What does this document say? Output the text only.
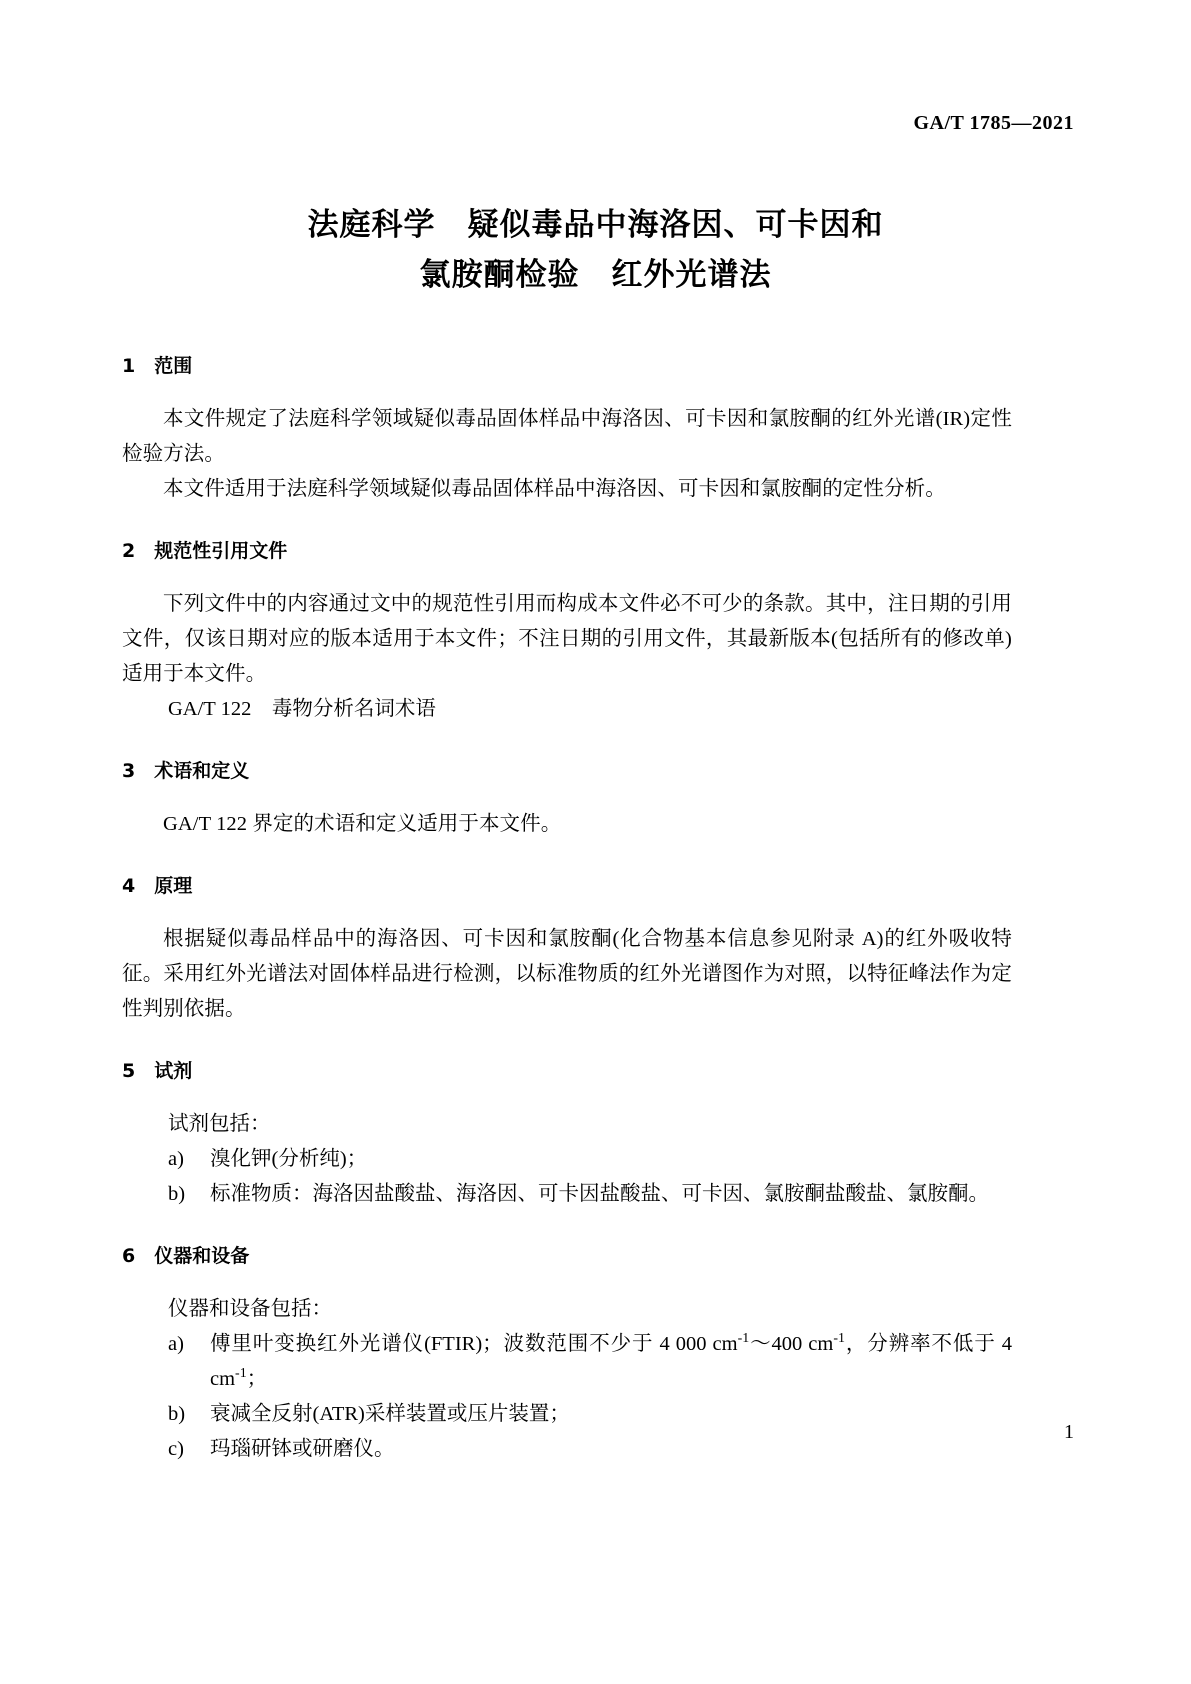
GA/T 1785—2021
法庭科学　疑似毒品中海洛因、可卡因和
氯胺酮检验　红外光谱法
1　范围

本文件规定了法庭科学领域疑似毒品固体样品中海洛因、可卡因和氯胺酮的红外光谱(IR)定性检验方法。

本文件适用于法庭科学领域疑似毒品固体样品中海洛因、可卡因和氯胺酮的定性分析。

2　规范性引用文件

下列文件中的内容通过文中的规范性引用而构成本文件必不可少的条款。其中，注日期的引用文件，仅该日期对应的版本适用于本文件；不注日期的引用文件，其最新版本(包括所有的修改单)适用于本文件。

GA/T 122　毒物分析名词术语

3　术语和定义

GA/T 122 界定的术语和定义适用于本文件。

4　原理

根据疑似毒品样品中的海洛因、可卡因和氯胺酮(化合物基本信息参见附录 A)的红外吸收特征。采用红外光谱法对固体样品进行检测，以标准物质的红外光谱图作为对照，以特征峰法作为定性判别依据。

5　试剂

试剂包括：

a)	溴化钾(分析纯)；
b)	标准物质：海洛因盐酸盐、海洛因、可卡因盐酸盐、可卡因、氯胺酮盐酸盐、氯胺酮。
6　仪器和设备

仪器和设备包括：

a)	傅里叶变换红外光谱仪(FTIR)；波数范围不少于 4 000 $cm^{-1}\sim 400$ $cm^{-1}$，分辨率不低于 4 $cm^{-1}$；
b)	衰减全反射(ATR)采样装置或压片装置；
c)	玛瑙研钵或研磨仪。
1
